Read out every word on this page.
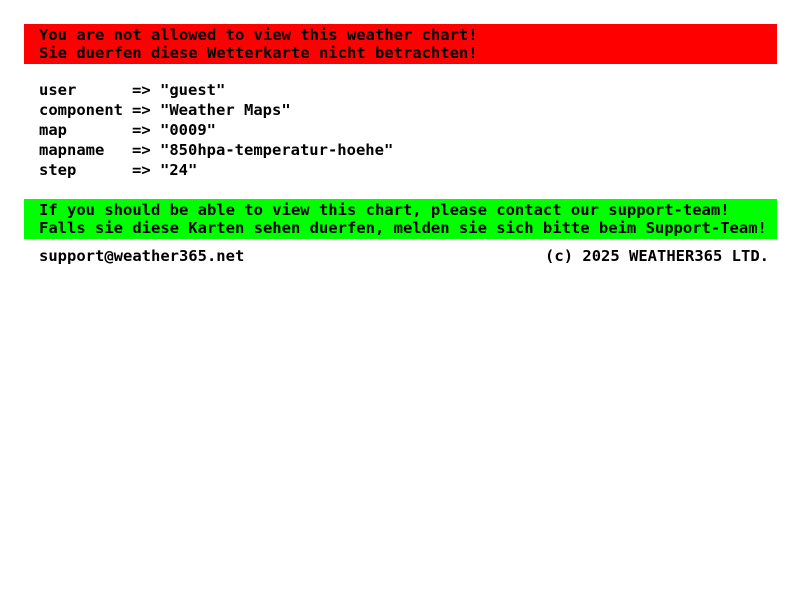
You are not allowed to view this weather chart!
Sie duerfen diese Wetterkarte nicht betrachten!
user	=> "guest"
component => "Weather Maps"
map	=> "0009"
mapname	=> "850hpa-temperatur-hoehe"
step	=> "24"
If you should be able to view this chart, please contact our support-team!
Falls sie diese Karten sehen duerfen, melden sie sich bitte beim Support-Team!
support@weather365.net	(c) 2025 WEATHER365 LTD.
